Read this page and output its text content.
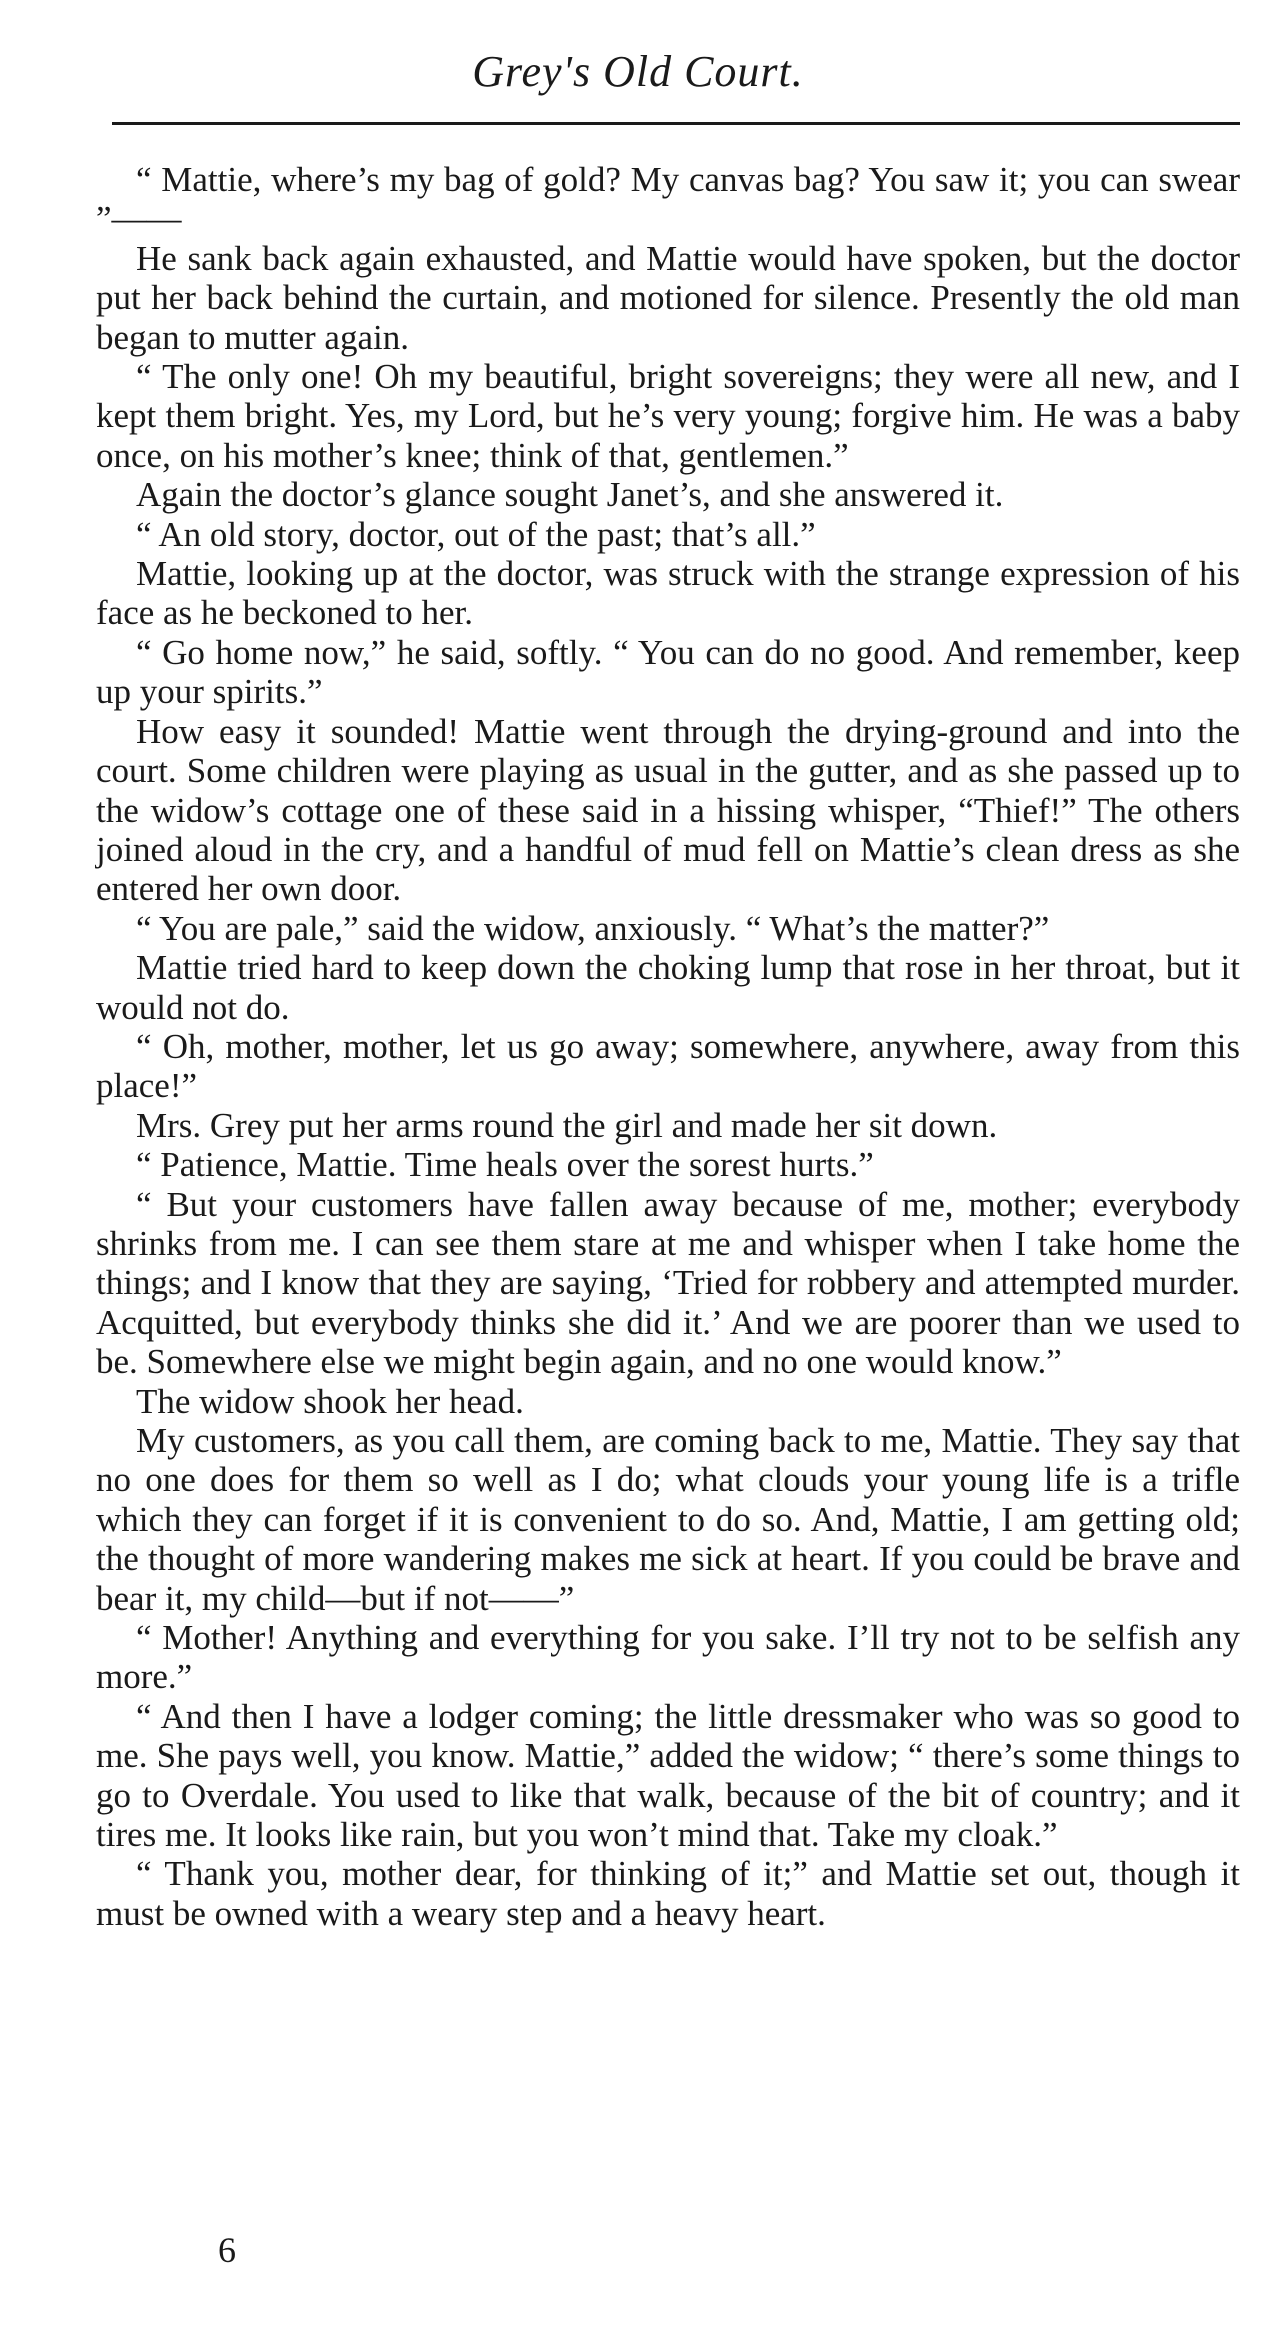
Grey's Old Court.

“ Mattie, where’s my bag of gold? My canvas bag? You saw it; you can swear ”——

He sank back again exhausted, and Mattie would have spoken, but the doctor put her back behind the curtain, and motioned for silence. Presently the old man began to mutter again.

“ The only one! Oh my beautiful, bright sovereigns; they were all new, and I kept them bright. Yes, my Lord, but he’s very young; forgive him. He was a baby once, on his mother’s knee; think of that, gentlemen.”

Again the doctor’s glance sought Janet’s, and she answered it.

“ An old story, doctor, out of the past; that’s all.”

Mattie, looking up at the doctor, was struck with the strange expression of his face as he beckoned to her.

“ Go home now,” he said, softly. “ You can do no good. And remember, keep up your spirits.”

How easy it sounded! Mattie went through the drying-ground and into the court. Some children were playing as usual in the gutter, and as she passed up to the widow’s cottage one of these said in a hissing whisper, “Thief!” The others joined aloud in the cry, and a handful of mud fell on Mattie’s clean dress as she entered her own door.

“ You are pale,” said the widow, anxiously. “ What’s the matter?”

Mattie tried hard to keep down the choking lump that rose in her throat, but it would not do.

“ Oh, mother, mother, let us go away; somewhere, anywhere, away from this place!”

Mrs. Grey put her arms round the girl and made her sit down.

“ Patience, Mattie. Time heals over the sorest hurts.”

“ But your customers have fallen away because of me, mother; everybody shrinks from me. I can see them stare at me and whisper when I take home the things; and I know that they are saying, ‘Tried for robbery and attempted murder. Acquitted, but everybody thinks she did it.’ And we are poorer than we used to be. Somewhere else we might begin again, and no one would know.”

The widow shook her head.

My customers, as you call them, are coming back to me, Mattie. They say that no one does for them so well as I do; what clouds your young life is a trifle which they can forget if it is convenient to do so. And, Mattie, I am getting old; the thought of more wandering makes me sick at heart. If you could be brave and bear it, my child—but if not——”

“ Mother! Anything and everything for you sake. I’ll try not to be selfish any more.”

“ And then I have a lodger coming; the little dressmaker who was so good to me. She pays well, you know. Mattie,” added the widow; “ there’s some things to go to Overdale. You used to like that walk, because of the bit of country; and it tires me. It looks like rain, but you won’t mind that. Take my cloak.”

“ Thank you, mother dear, for thinking of it;” and Mattie set out, though it must be owned with a weary step and a heavy heart.

6
